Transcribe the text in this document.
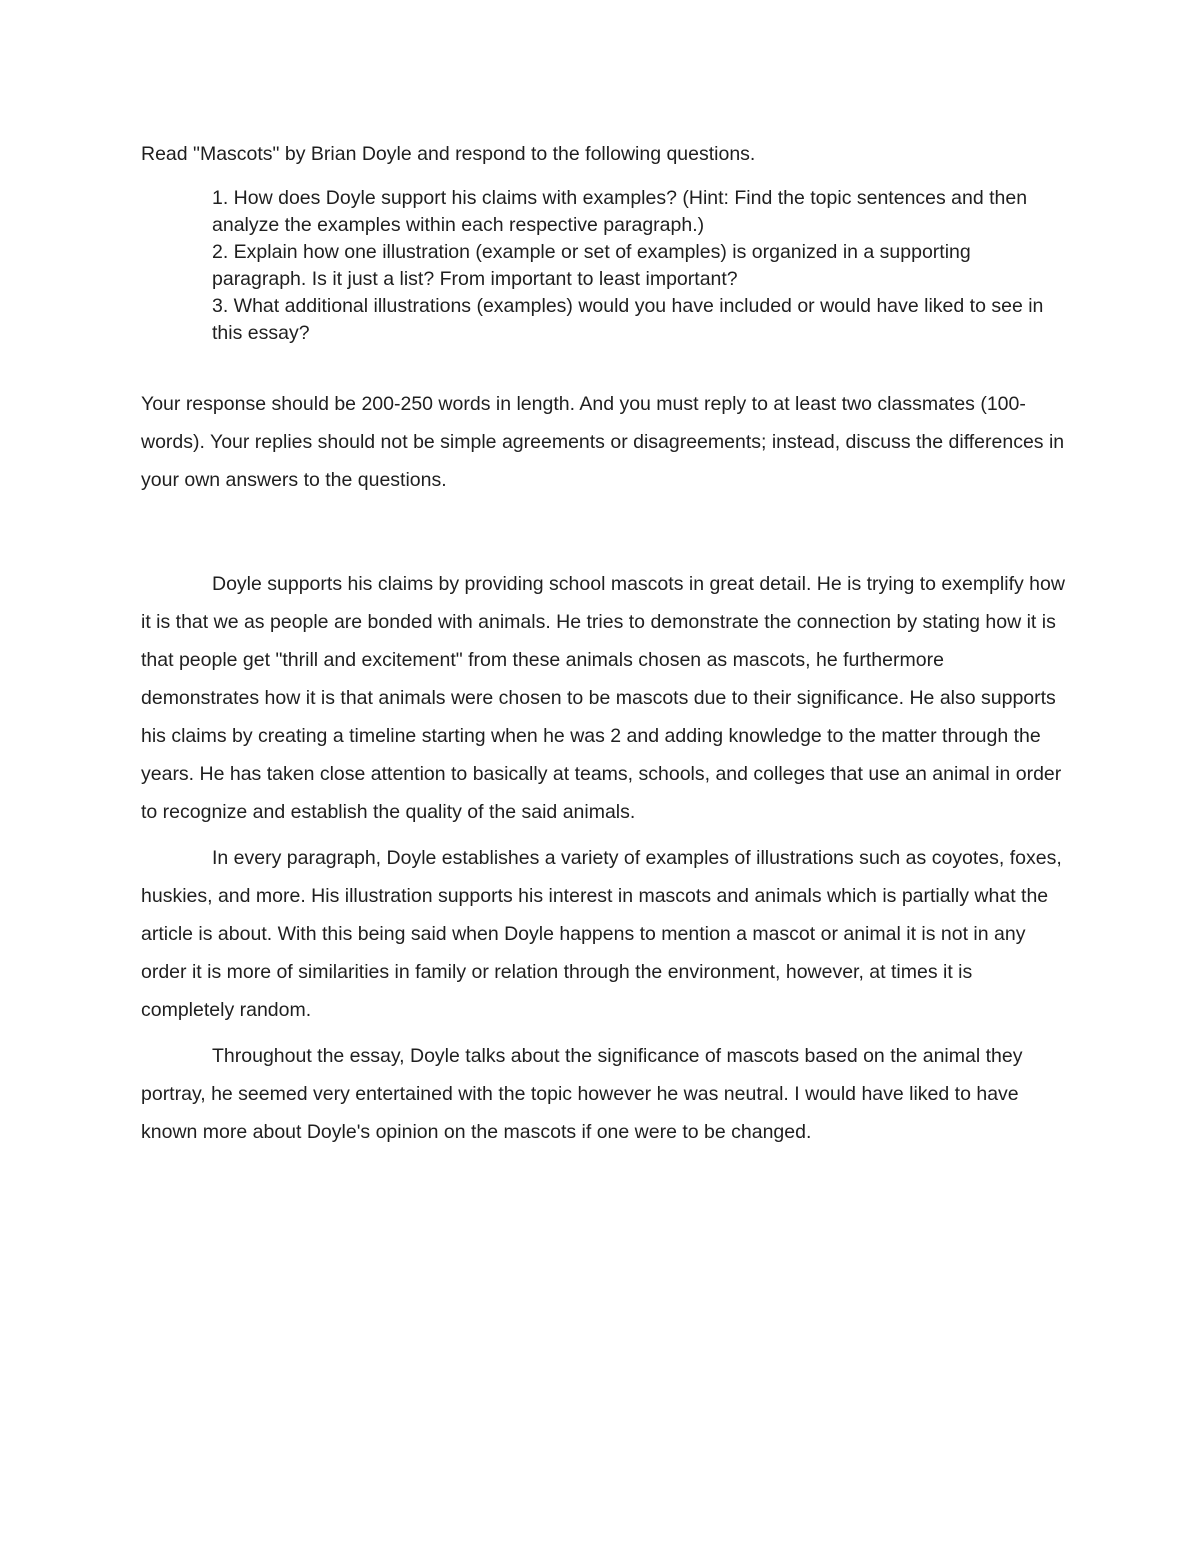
Read "Mascots" by Brian Doyle and respond to the following questions.

1. How does Doyle support his claims with examples? (Hint: Find the topic sentences and then analyze the examples within each respective paragraph.)

2. Explain how one illustration (example or set of examples) is organized in a supporting paragraph. Is it just a list? From important to least important?

3. What additional illustrations (examples) would you have included or would have liked to see in this essay?

Your response should be 200-250 words in length. And you must reply to at least two classmates (100-words). Your replies should not be simple agreements or disagreements; instead, discuss the differences in your own answers to the questions.

Doyle supports his claims by providing school mascots in great detail. He is trying to exemplify how it is that we as people are bonded with animals. He tries to demonstrate the connection by stating how it is that people get "thrill and excitement" from these animals chosen as mascots, he furthermore demonstrates how it is that animals were chosen to be mascots due to their significance. He also supports his claims by creating a timeline starting when he was 2 and adding knowledge to the matter through the years. He has taken close attention to basically at teams, schools, and colleges that use an animal in order to recognize and establish the quality of the said animals.

In every paragraph, Doyle establishes a variety of examples of illustrations such as coyotes, foxes, huskies, and more. His illustration supports his interest in mascots and animals which is partially what the article is about. With this being said when Doyle happens to mention a mascot or animal it is not in any order it is more of similarities in family or relation through the environment, however, at times it is completely random.

Throughout the essay, Doyle talks about the significance of mascots based on the animal they portray, he seemed very entertained with the topic however he was neutral. I would have liked to have known more about Doyle's opinion on the mascots if one were to be changed.
